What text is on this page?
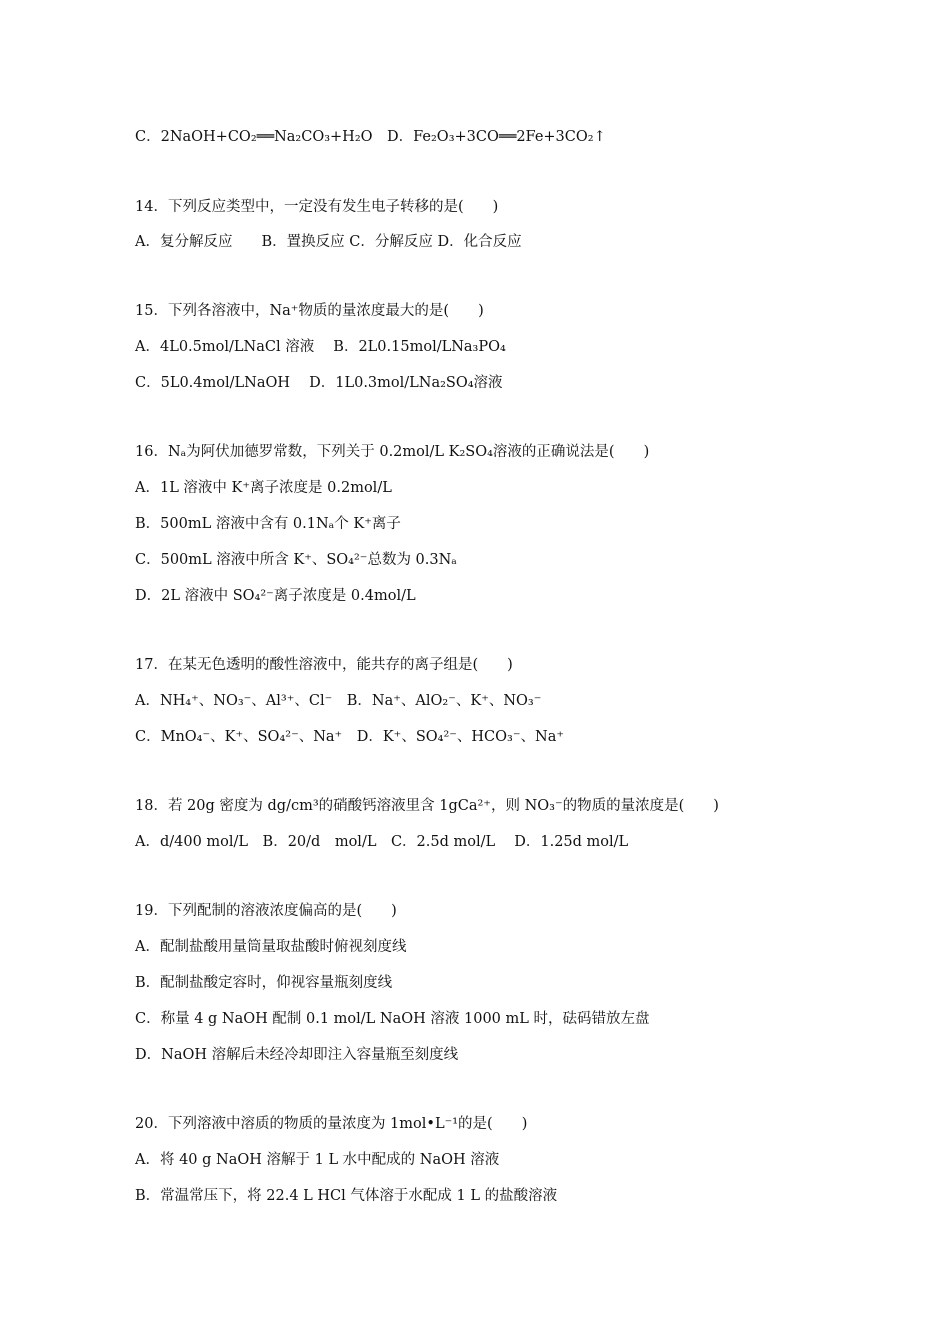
C．2NaOH+CO₂══Na₂CO₃+H₂O　D．Fe₂O₃+3CO══2Fe+3CO₂↑
14．下列反应类型中，一定没有发生电子转移的是(　　)
A．复分解反应　　B．置换反应 C．分解反应 D．化合反应
15．下列各溶液中，Na⁺物质的量浓度最大的是(　　)
A．4L0.5mol/LNaCl 溶液　 B．2L0.15mol/LNa₃PO₄
C．5L0.4mol/LNaOH　 D．1L0.3mol/LNa₂SO₄溶液
16．Nₐ为阿伏加德罗常数，下列关于 0.2mol/L K₂SO₄溶液的正确说法是(　　)
A．1L 溶液中 K⁺离子浓度是 0.2mol/L
B．500mL 溶液中含有 0.1Nₐ个 K⁺离子
C．500mL 溶液中所含 K⁺、SO₄²⁻总数为 0.3Nₐ
D．2L 溶液中 SO₄²⁻离子浓度是 0.4mol/L
17．在某无色透明的酸性溶液中，能共存的离子组是(　　)
A．NH₄⁺、NO₃⁻、Al³⁺、Cl⁻　B．Na⁺、AlO₂⁻、K⁺、NO₃⁻
C．MnO₄⁻、K⁺、SO₄²⁻、Na⁺　D．K⁺、SO₄²⁻、HCO₃⁻、Na⁺
18．若 20g 密度为 dg/cm³的硝酸钙溶液里含 1gCa²⁺，则 NO₃⁻的物质的量浓度是(　　)
A．d/400 mol/L　B．20/d　mol/L　C．2.5d mol/L　 D．1.25d mol/L
19．下列配制的溶液浓度偏高的是(　　)
A．配制盐酸用量筒量取盐酸时俯视刻度线
B．配制盐酸定容时，仰视容量瓶刻度线
C．称量 4 g NaOH 配制 0.1 mol/L NaOH 溶液 1000 mL 时，砝码错放左盘
D．NaOH 溶解后未经冷却即注入容量瓶至刻度线
20．下列溶液中溶质的物质的量浓度为 1mol•L⁻¹的是(　　)
A．将 40 g NaOH 溶解于 1 L 水中配成的 NaOH 溶液
B．常温常压下，将 22.4 L HCl 气体溶于水配成 1 L 的盐酸溶液
